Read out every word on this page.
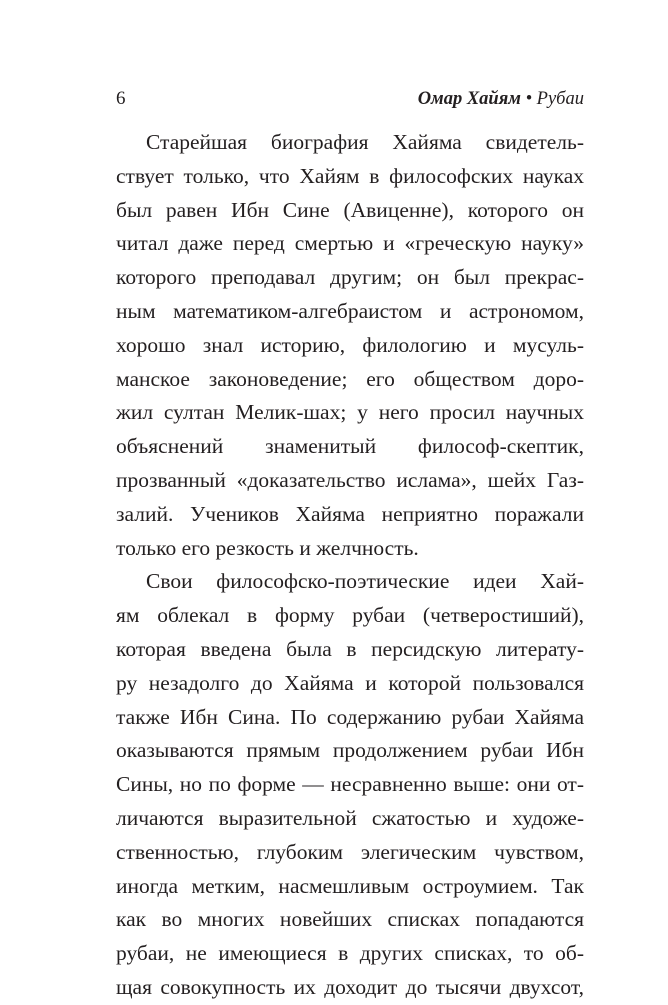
6	Омар Хайям • Рубаи
Старейшая биография Хайяма свидетель-
ствует только, что Хайям в философских науках
был равен Ибн Сине (Авиценне), которого он
читал даже перед смертью и «греческую науку»
которого преподавал другим; он был прекрас-
ным математиком-алгебраистом и астрономом,
хорошо знал историю, филологию и мусуль-
манское законоведение; его обществом доро-
жил султан Мелик-шах; у него просил научных
объяснений знаменитый философ-скептик,
прозванный «доказательство ислама», шейх Газ-
залий. Учеников Хайяма неприятно поражали
только его резкость и желчность.
Свои философско-поэтические идеи Хай-
ям облекал в форму рубаи (четверостиший),
которая введена была в персидскую литерату-
ру незадолго до Хайяма и которой пользовался
также Ибн Сина. По содержанию рубаи Хайяма
оказываются прямым продолжением рубаи Ибн
Сины, но по форме — несравненно выше: они от-
личаются выразительной сжатостью и художе-
ственностью, глубоким элегическим чувством,
иногда метким, насмешливым остроумием. Так
как во многих новейших списках попадаются
рубаи, не имеющиеся в других списках, то об-
щая совокупность их доходит до тысячи двухсот,
